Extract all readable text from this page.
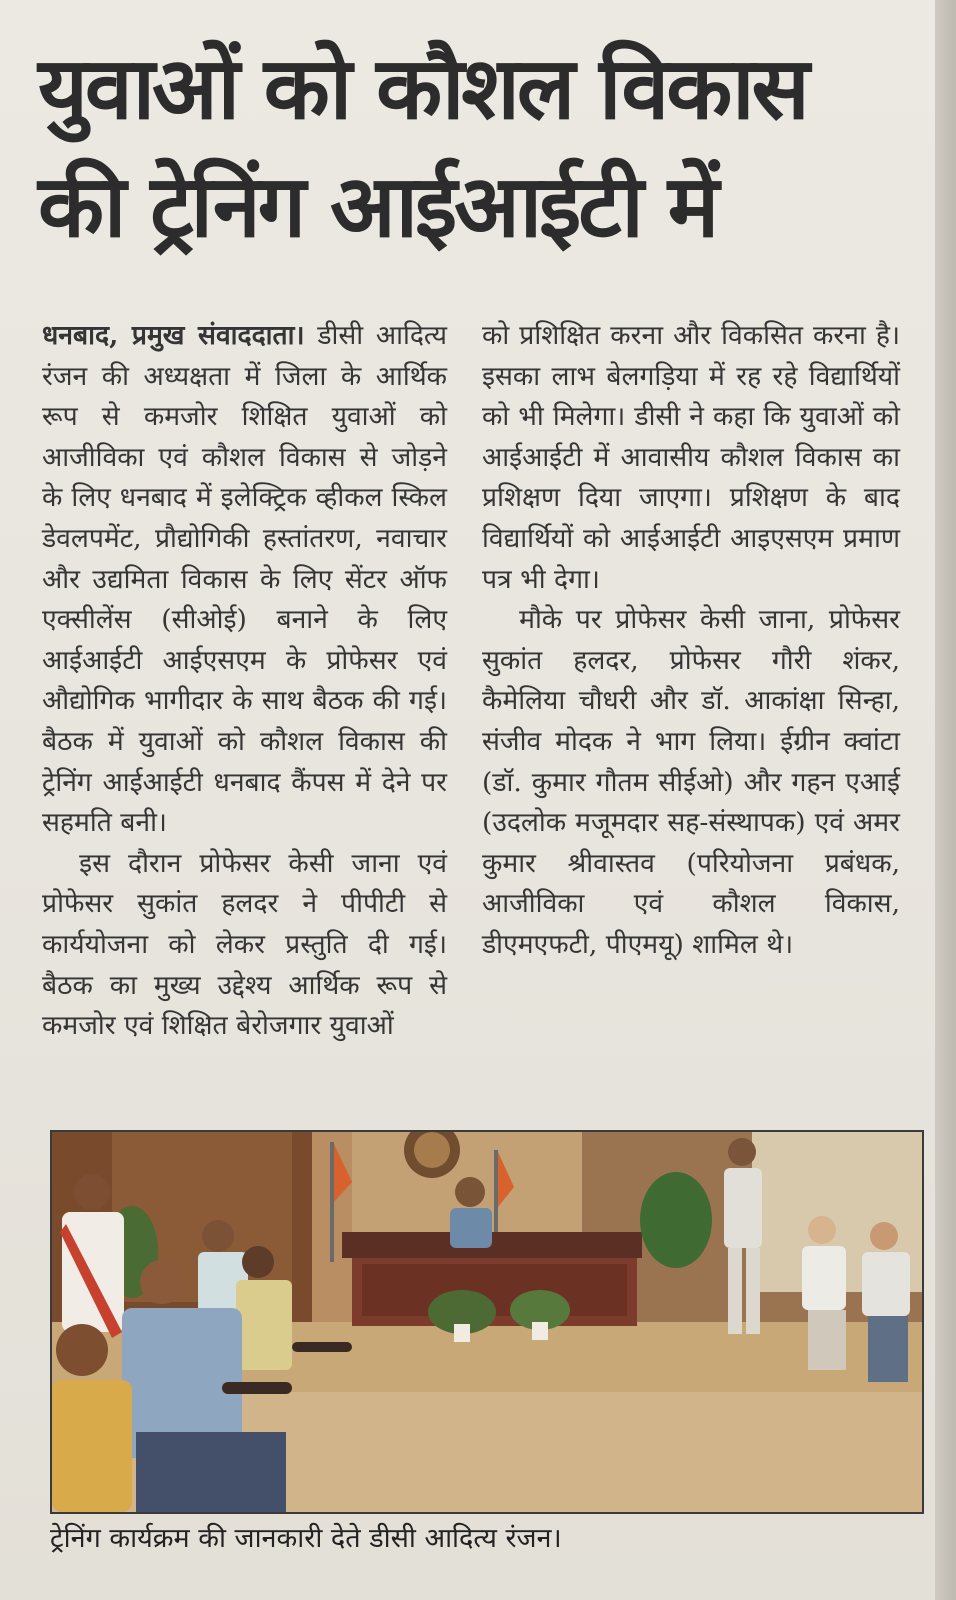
युवाओं को कौशल विकास
की ट्रेनिंग आईआईटी में

धनबाद, प्रमुख संवाददाता। डीसी आदित्य रंजन की अध्यक्षता में जिला के आर्थिक रूप से कमजोर शिक्षित युवाओं को आजीविका एवं कौशल विकास से जोड़ने के लिए धनबाद में इलेक्ट्रिक व्हीकल स्किल डेवलपमेंट, प्रौद्योगिकी हस्तांतरण, नवाचार और उद्यमिता विकास के लिए सेंटर ऑफ एक्सीलेंस (सीओई) बनाने के लिए आईआईटी आईएसएम के प्रोफेसर एवं औद्योगिक भागीदार के साथ बैठक की गई। बैठक में युवाओं को कौशल विकास की ट्रेनिंग आईआईटी धनबाद कैंपस में देने पर सहमति बनी।

इस दौरान प्रोफेसर केसी जाना एवं प्रोफेसर सुकांत हलदर ने पीपीटी से कार्ययोजना को लेकर प्रस्तुति दी गई। बैठक का मुख्य उद्देश्य आर्थिक रूप से कमजोर एवं शिक्षित बेरोजगार युवाओं

को प्रशिक्षित करना और विकसित करना है। इसका लाभ बेलगड़िया में रह रहे विद्यार्थियों को भी मिलेगा। डीसी ने कहा कि युवाओं को आईआईटी में आवासीय कौशल विकास का प्रशिक्षण दिया जाएगा। प्रशिक्षण के बाद विद्यार्थियों को आईआईटी आइएसएम प्रमाण पत्र भी देगा।

मौके पर प्रोफेसर केसी जाना, प्रोफेसर सुकांत हलदर, प्रोफेसर गौरी शंकर, कैमेलिया चौधरी और डॉ. आकांक्षा सिन्हा, संजीव मोदक ने भाग लिया। ईग्रीन क्वांटा (डॉ. कुमार गौतम सीईओ) और गहन एआई (उदलोक मजूमदार सह-संस्थापक) एवं अमर कुमार श्रीवास्तव (परियोजना प्रबंधक, आजीविका एवं कौशल विकास, डीएमएफटी, पीएमयू) शामिल थे।

ट्रेनिंग कार्यक्रम की जानकारी देते डीसी आदित्य रंजन।
